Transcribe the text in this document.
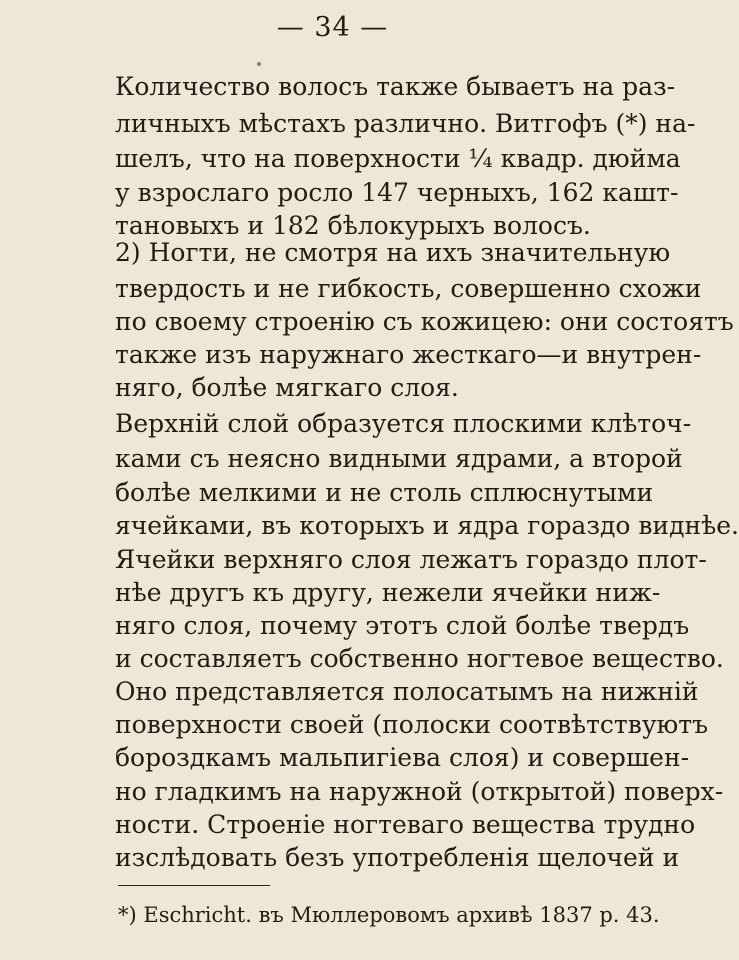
— 34 —
Количество волосъ также бываетъ на раз-
личныхъ мѣстахъ различно. Витгофъ (*) на-
шелъ, что на поверхности ¼ квадр. дюйма
у взрослаго росло 147 черныхъ, 162 кашт-
тановыхъ и 182 бѣлокурыхъ волосъ.
2) Ногти, не смотря на ихъ значительную
твердость и не гибкость, совершенно схожи
по своему строенію съ кожицею: они состоятъ
также изъ наружнаго жесткаго—и внутрен-
няго, болѣе мягкаго слоя.
Верхній слой образуется плоскими клѣточ-
ками съ неясно видными ядрами, а второй
болѣе мелкими и не столь сплюснутыми
ячейками, въ которыхъ и ядра гораздо виднѣе.
Ячейки верхняго слоя лежатъ гораздо плот-
нѣе другъ къ другу, нежели ячейки ниж-
няго слоя, почему этотъ слой болѣе твердъ
и составляетъ собственно ногтевое вещество.
Оно представляется полосатымъ на нижній
поверхности своей (полоски соотвѣтствуютъ
бороздкамъ мальпигіева слоя) и совершен-
но гладкимъ на наружной (открытой) поверх-
ности. Строеніе ногтеваго вещества трудно
изслѣдовать безъ употребленія щелочей и
*) Eschricht. въ Мюллеровомъ архивѣ 1837 р. 43.
